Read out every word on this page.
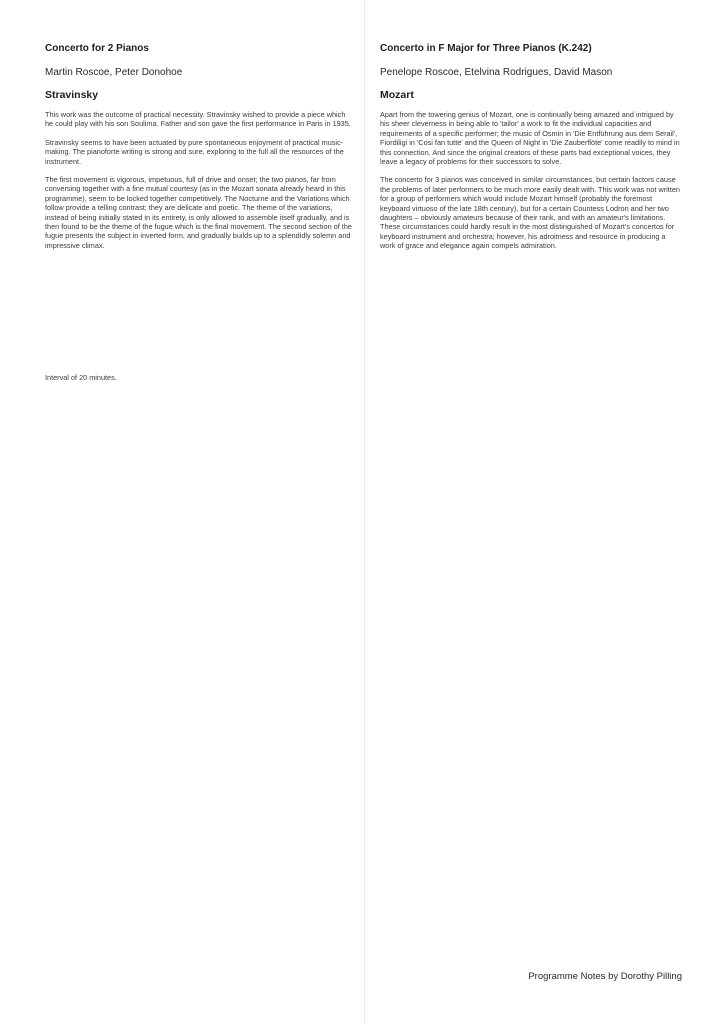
Concerto for 2 Pianos
Martin Roscoe, Peter Donohoe
Stravinsky

This work was the outcome of practical necessity. Stravinsky wished to provide a piece which he could play with his son Soulima. Father and son gave the first performance in Paris in 1935.

Stravinsky seems to have been actuated by pure spontaneous enjoyment of practical music-making. The pianoforte writing is strong and sure, exploring to the full all the resources of the instrument.

The first movement is vigorous, impetuous, full of drive and onset; the two pianos, far from conversing together with a fine mutual courtesy (as in the Mozart sonata already heard in this programme), seem to be locked together competitively. The Nocturne and the Variations which follow provide a telling contrast; they are delicate and poetic. The theme of the variations, instead of being initially stated in its entirety, is only allowed to assemble itself gradually, and is then found to be the theme of the fugue which is the final movement. The second section of the fugue presents the subject in inverted form, and gradually builds up to a splendidly solemn and impressive climax.

Interval of 20 minutes.
Concerto in F Major for Three Pianos (K.242)
Penelope Roscoe, Etelvina Rodrigues, David Mason
Mozart

Apart from the towering genius of Mozart, one is continually being amazed and intrigued by his sheer cleverness in being able to 'tailor' a work to fit the individual capacities and requirements of a specific performer; the music of Osmin in 'Die Entführung aus dem Serail', Fiordiligi in 'Cosi fan tutte' and the Queen of Night in 'Die Zauberflöte' come readily to mind in this connection. And since the original creators of these parts had exceptional voices, they leave a legacy of problems for their successors to solve.

The concerto for 3 pianos was conceived in similar circumstances, but certain factors cause the problems of later performers to be much more easily dealt with. This work was not written for a group of performers which would include Mozart himself (probably the foremost keyboard virtuoso of the late 18th century), but for a certain Countess Lodron and her two daughters – obviously amateurs because of their rank, and with an amateur's limitations. These circumstances could hardly result in the most distinguished of Mozart's concertos for keyboard instrument and orchestra; however, his adroitness and resource in producing a work of grace and elegance again compels admiration.

Programme Notes by Dorothy Pilling
